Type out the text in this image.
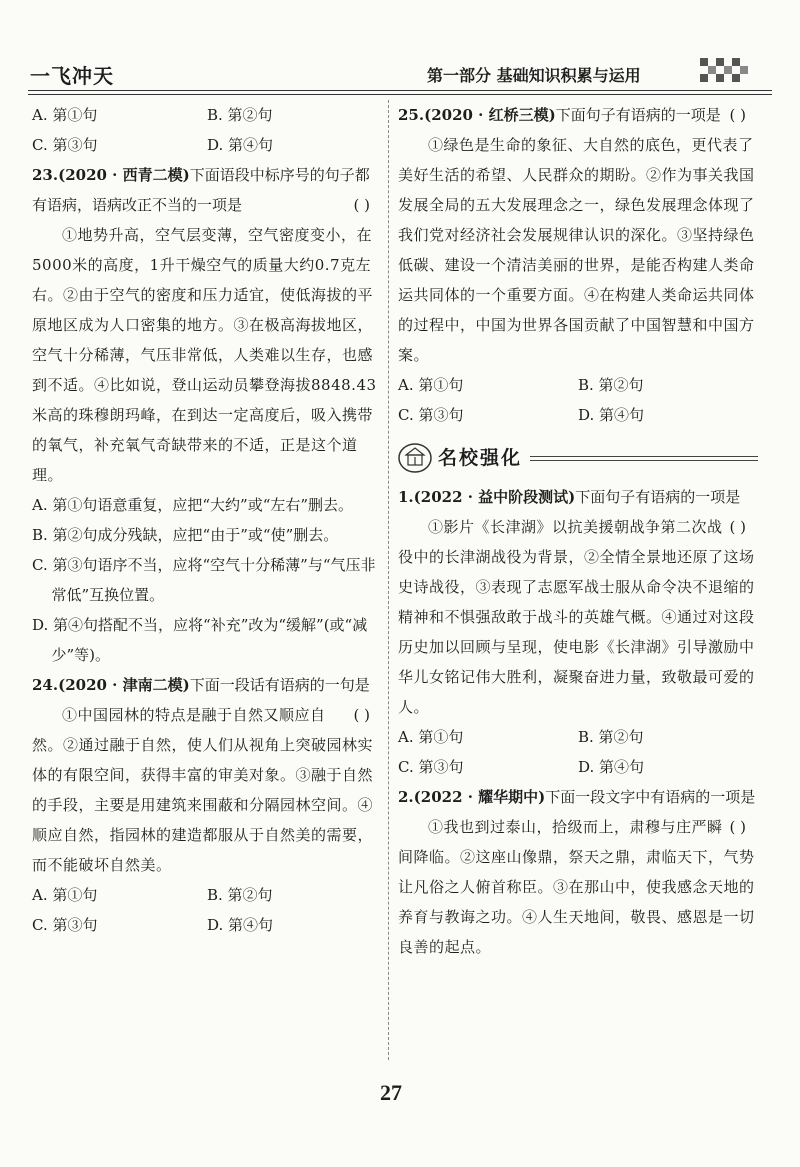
一飞冲天	第一部分 基础知识积累与运用
A. 第①句	B. 第②句
C. 第③句	D. 第④句

23.(2020 · 西青二模)下面语段中标序号的句子都有语病，语病改正不当的一项是	( )

①地势升高，空气层变薄，空气密度变小，在5000米的高度，1升干燥空气的质量大约0.7克左右。②由于空气的密度和压力适宜，使低海拔的平原地区成为人口密集的地方。③在极高海拔地区，空气十分稀薄，气压非常低，人类难以生存，也感到不适。④比如说，登山运动员攀登海拔8848.43米高的珠穆朗玛峰，在到达一定高度后，吸入携带的氧气，补充氧气奇缺带来的不适，正是这个道理。

A. 第①句语意重复，应把“大约”或“左右”删去。

B. 第②句成分残缺，应把“由于”或“使”删去。

C. 第③句语序不当，应将“空气十分稀薄”与“气压非常低”互换位置。

D. 第④句搭配不当，应将“补充”改为“缓解”(或“减少”等)。

24.(2020 · 津南二模)下面一段话有语病的一句是
( )

①中国园林的特点是融于自然又顺应自然。②通过融于自然，使人们从视角上突破园林实体的有限空间，获得丰富的审美对象。③融于自然的手段，主要是用建筑来围蔽和分隔园林空间。④顺应自然，指园林的建造都服从于自然美的需要，而不能破坏自然美。

A. 第①句	B. 第②句
C. 第③句	D. 第④句

25.(2020 · 红桥三模)下面句子有语病的一项是 ( )

①绿色是生命的象征、大自然的底色，更代表了美好生活的希望、人民群众的期盼。②作为事关我国发展全局的五大发展理念之一，绿色发展理念体现了我们党对经济社会发展规律认识的深化。③坚持绿色低碳、建设一个清洁美丽的世界，是能否构建人类命运共同体的一个重要方面。④在构建人类命运共同体的过程中，中国为世界各国贡献了中国智慧和中国方案。

A. 第①句	B. 第②句
C. 第③句	D. 第④句
名校强化

1.(2022 · 益中阶段测试)下面句子有语病的一项是
( )

①影片《长津湖》以抗美援朝战争第二次战役中的长津湖战役为背景，②全情全景地还原了这场史诗战役，③表现了志愿军战士服从命令决不退缩的精神和不惧强敌敢于战斗的英雄气概。④通过对这段历史加以回顾与呈现，使电影《长津湖》引导激励中华儿女铭记伟大胜利，凝聚奋进力量，致敬最可爱的人。

A. 第①句	B. 第②句
C. 第③句	D. 第④句

2.(2022 · 耀华期中)下面一段文字中有语病的一项是
( )

①我也到过泰山，拾级而上，肃穆与庄严瞬间降临。②这座山像鼎，祭天之鼎，肃临天下，气势让凡俗之人俯首称臣。③在那山中，使我感念天地的养育与教诲之功。④人生天地间，敬畏、感恩是一切良善的起点。

27
